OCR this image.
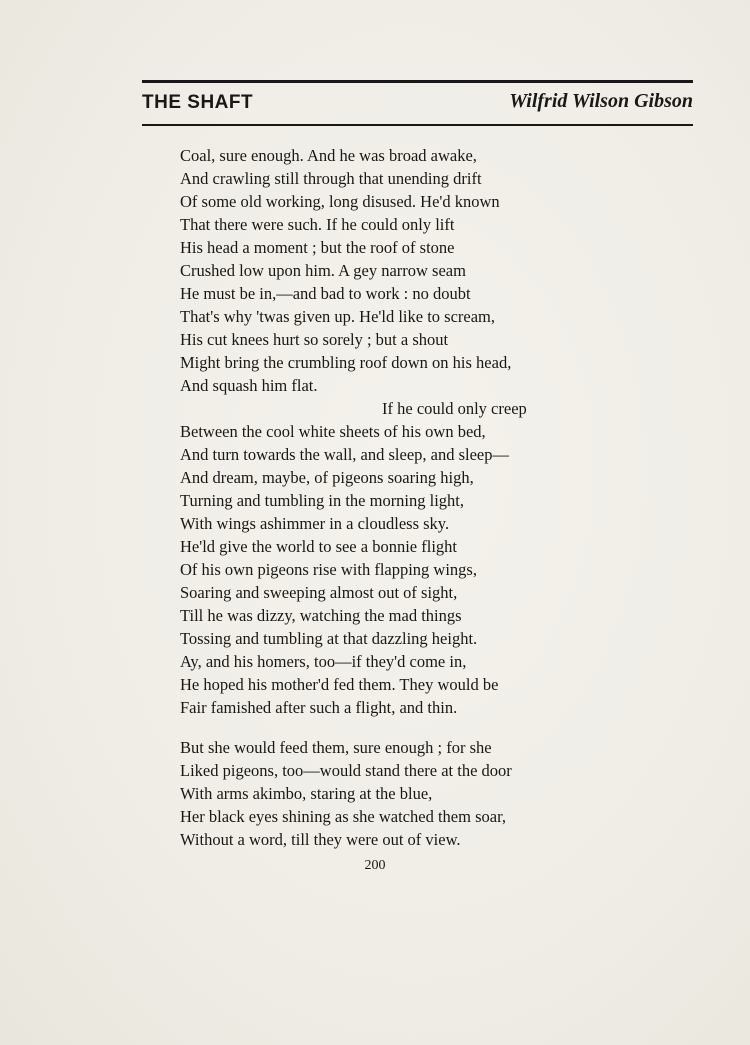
THE SHAFT	Wilfrid Wilson Gibson
Coal, sure enough. And he was broad awake,
And crawling still through that unending drift
Of some old working, long disused. He'd known
That there were such. If he could only lift
His head a moment ; but the roof of stone
Crushed low upon him. A gey narrow seam
He must be in,—and bad to work : no doubt
That's why 'twas given up. He'ld like to scream,
His cut knees hurt so sorely ; but a shout
Might bring the crumbling roof down on his head,
And squash him flat.
If he could only creep
Between the cool white sheets of his own bed,
And turn towards the wall, and sleep, and sleep—
And dream, maybe, of pigeons soaring high,
Turning and tumbling in the morning light,
With wings ashimmer in a cloudless sky.
He'ld give the world to see a bonnie flight
Of his own pigeons rise with flapping wings,
Soaring and sweeping almost out of sight,
Till he was dizzy, watching the mad things
Tossing and tumbling at that dazzling height.
Ay, and his homers, too—if they'd come in,
He hoped his mother'd fed them. They would be
Fair famished after such a flight, and thin.
But she would feed them, sure enough ; for she
Liked pigeons, too—would stand there at the door
With arms akimbo, staring at the blue,
Her black eyes shining as she watched them soar,
Without a word, till they were out of view.
200
